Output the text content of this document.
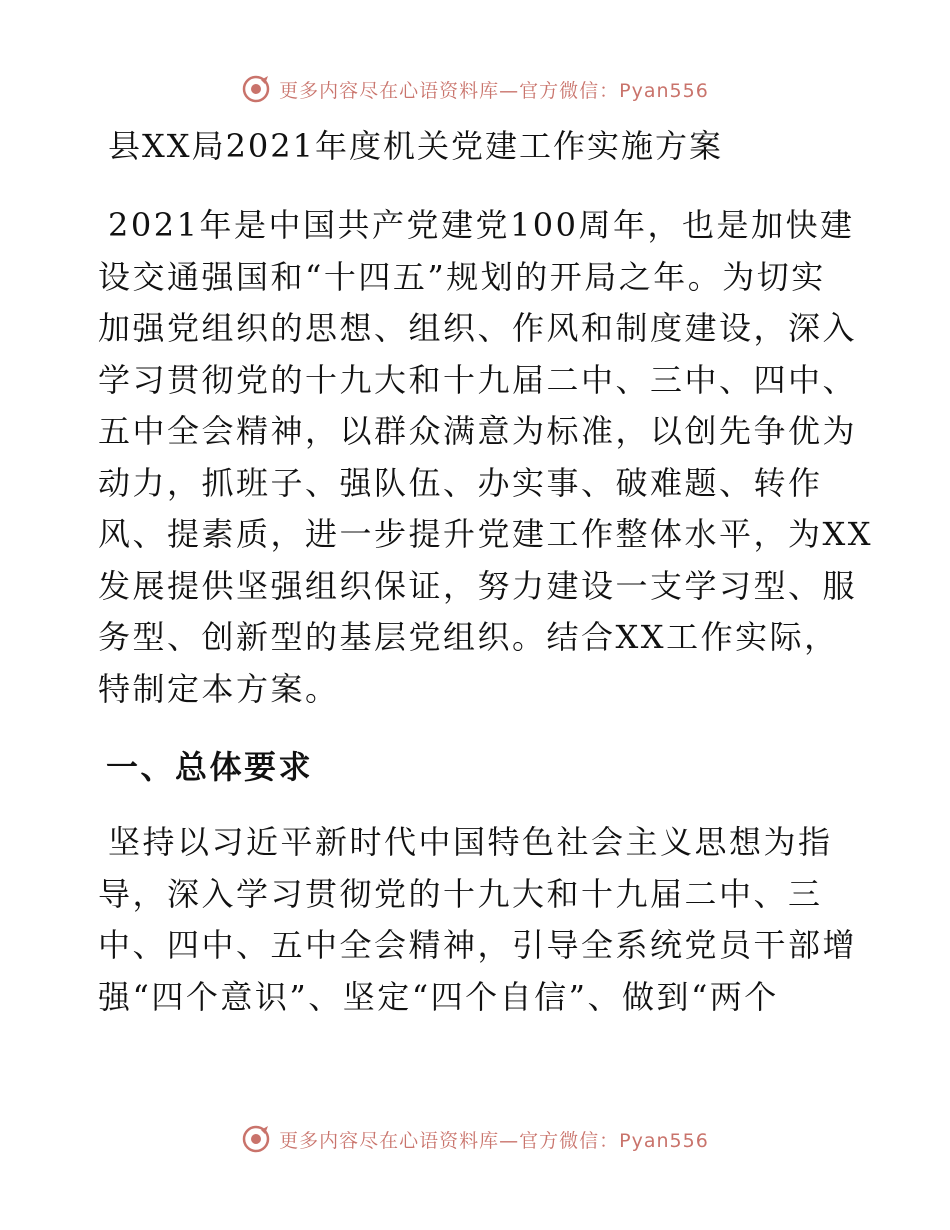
更多内容尽在心语资料库—官方微信：Pyan556
县XX局2021年度机关党建工作实施方案

2021年是中国共产党建党100周年，也是加快建
设交通强国和“十四五”规划的开局之年。为切实
加强党组织的思想、组织、作风和制度建设，深入
学习贯彻党的十九大和十九届二中、三中、四中、
五中全会精神，以群众满意为标准，以创先争优为
动力，抓班子、强队伍、办实事、破难题、转作
风、提素质，进一步提升党建工作整体水平，为XX
发展提供坚强组织保证，努力建设一支学习型、服
务型、创新型的基层党组织。结合XX工作实际，
特制定本方案。

一、总体要求

坚持以习近平新时代中国特色社会主义思想为指
导，深入学习贯彻党的十九大和十九届二中、三
中、四中、五中全会精神，引导全系统党员干部增
强“四个意识”、坚定“四个自信”、做到“两个

更多内容尽在心语资料库—官方微信：Pyan556
